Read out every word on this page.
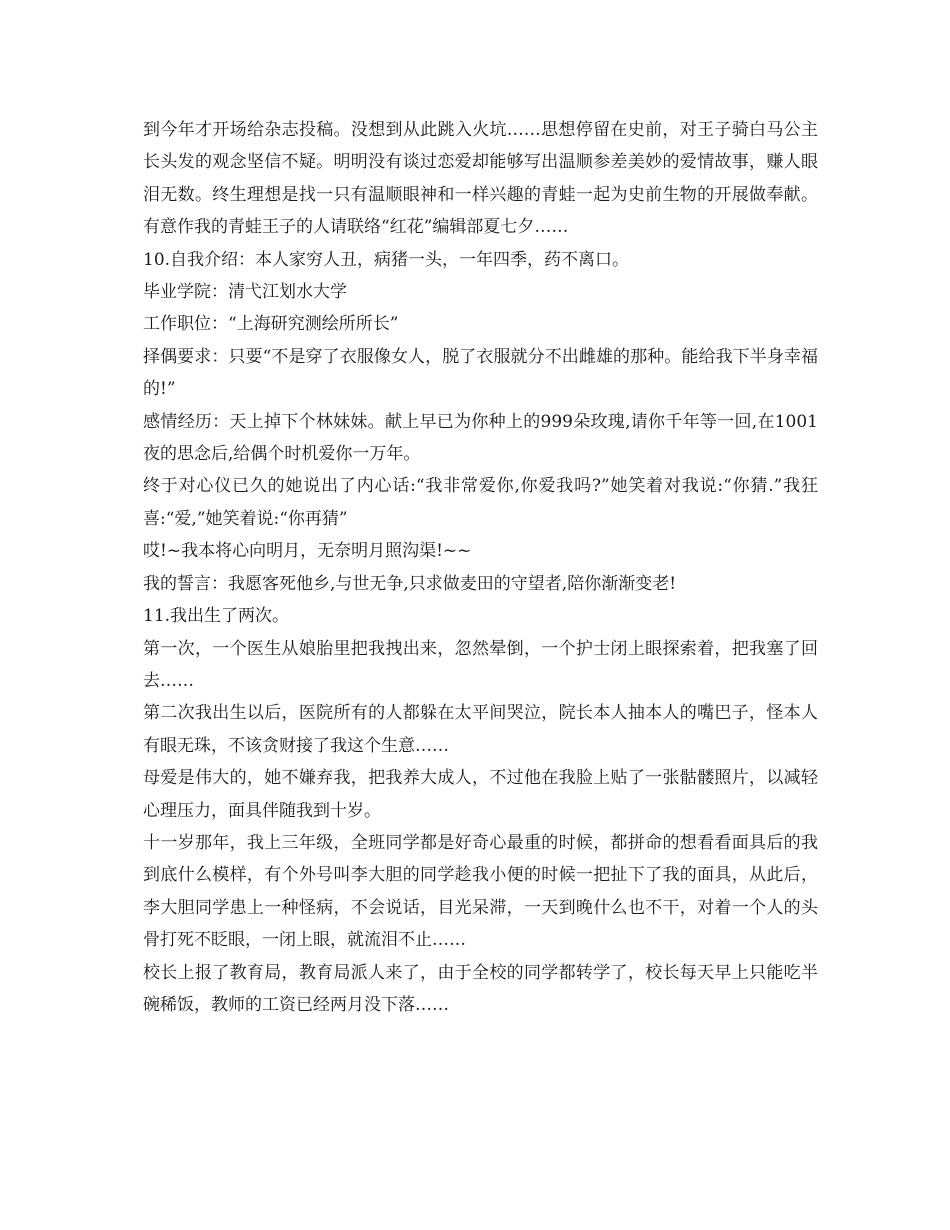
到今年才开场给杂志投稿。没想到从此跳入火坑……思想停留在史前，对王子骑白马公主长头发的观念坚信不疑。明明没有谈过恋爱却能够写出温顺参差美妙的爱情故事，赚人眼泪无数。终生理想是找一只有温顺眼神和一样兴趣的青蛙一起为史前生物的开展做奉献。有意作我的青蛙王子的人请联络“红花”编辑部夏七夕……

10.自我介绍：本人家穷人丑，病猪一头，一年四季，药不离口。

毕业学院：清弋江划水大学

工作职位：“上海研究测绘所所长”

择偶要求：只要“不是穿了衣服像女人，脱了衣服就分不出雌雄的那种。能给我下半身幸福的!”

感情经历：天上掉下个林妹妹。献上早已为你种上的999朵玫瑰,请你千年等一回,在1001夜的思念后,给偶个时机爱你一万年。

终于对心仪已久的她说出了内心话:“我非常爱你,你爱我吗?”她笑着对我说:“你猜.”我狂喜:“爱,”她笑着说:“你再猜”

哎!~我本将心向明月，无奈明月照沟渠!~~

我的誓言：我愿客死他乡,与世无争,只求做麦田的守望者,陪你渐渐变老!

11.我出生了两次。

第一次，一个医生从娘胎里把我拽出来，忽然晕倒，一个护士闭上眼探索着，把我塞了回去……

第二次我出生以后，医院所有的人都躲在太平间哭泣，院长本人抽本人的嘴巴子，怪本人有眼无珠，不该贪财接了我这个生意……

母爱是伟大的，她不嫌弃我，把我养大成人，不过他在我脸上贴了一张骷髅照片，以减轻心理压力，面具伴随我到十岁。

十一岁那年，我上三年级，全班同学都是好奇心最重的时候，都拼命的想看看面具后的我到底什么模样，有个外号叫李大胆的同学趁我小便的时候一把扯下了我的面具，从此后，李大胆同学患上一种怪病，不会说话，目光呆滞，一天到晚什么也不干，对着一个人的头骨打死不眨眼，一闭上眼，就流泪不止……

校长上报了教育局，教育局派人来了，由于全校的同学都转学了，校长每天早上只能吃半碗稀饭，教师的工资已经两月没下落……
